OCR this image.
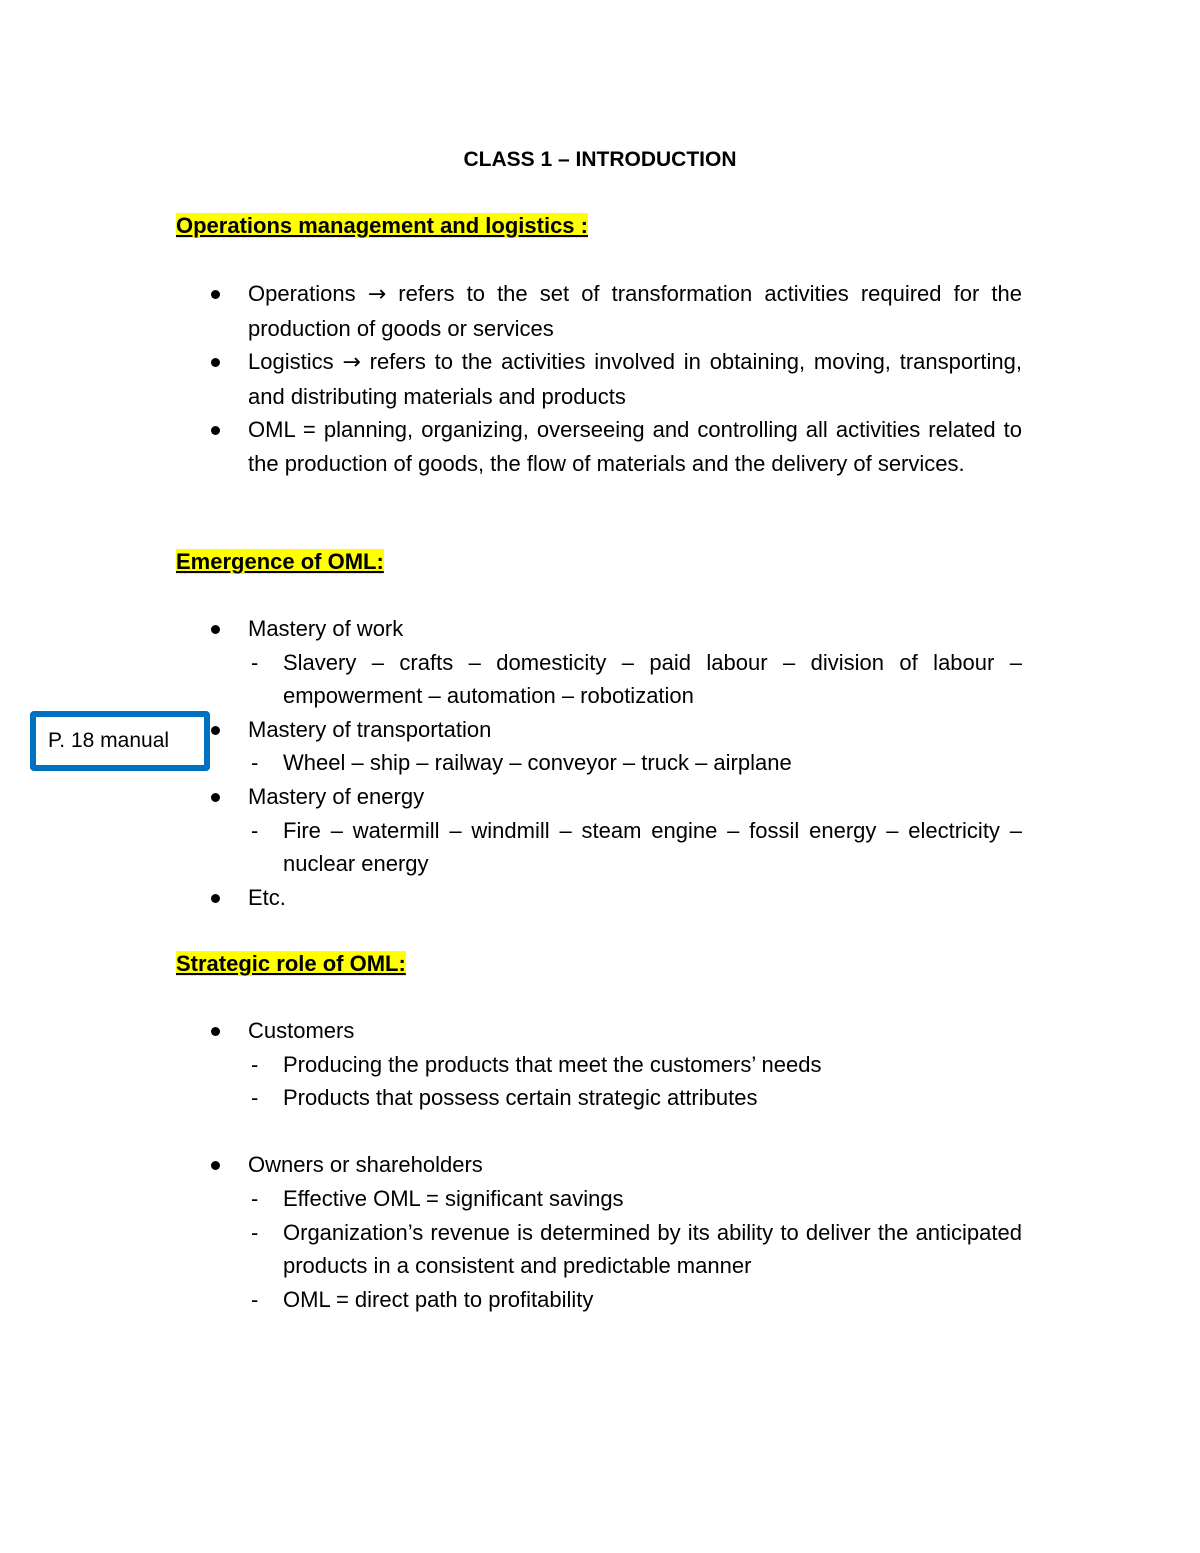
CLASS 1 – INTRODUCTION
Operations management and logistics :
Operations → refers to the set of transformation activities required for the production of goods or services
Logistics → refers to the activities involved in obtaining, moving, transporting, and distributing materials and products
OML = planning, organizing, overseeing and controlling all activities related to the production of goods, the flow of materials and the delivery of services.
Emergence of OML:
Mastery of work
- Slavery – crafts – domesticity – paid labour – division of labour – empowerment – automation – robotization
Mastery of transportation
- Wheel – ship – railway – conveyor – truck – airplane
Mastery of energy
- Fire – watermill – windmill – steam engine – fossil energy – electricity – nuclear energy
Etc.
Strategic role of OML:
Customers
- Producing the products that meet the customers’ needs
- Products that possess certain strategic attributes
Owners or shareholders
- Effective OML = significant savings
- Organization’s revenue is determined by its ability to deliver the anticipated products in a consistent and predictable manner
- OML = direct path to profitability
P. 18 manual
